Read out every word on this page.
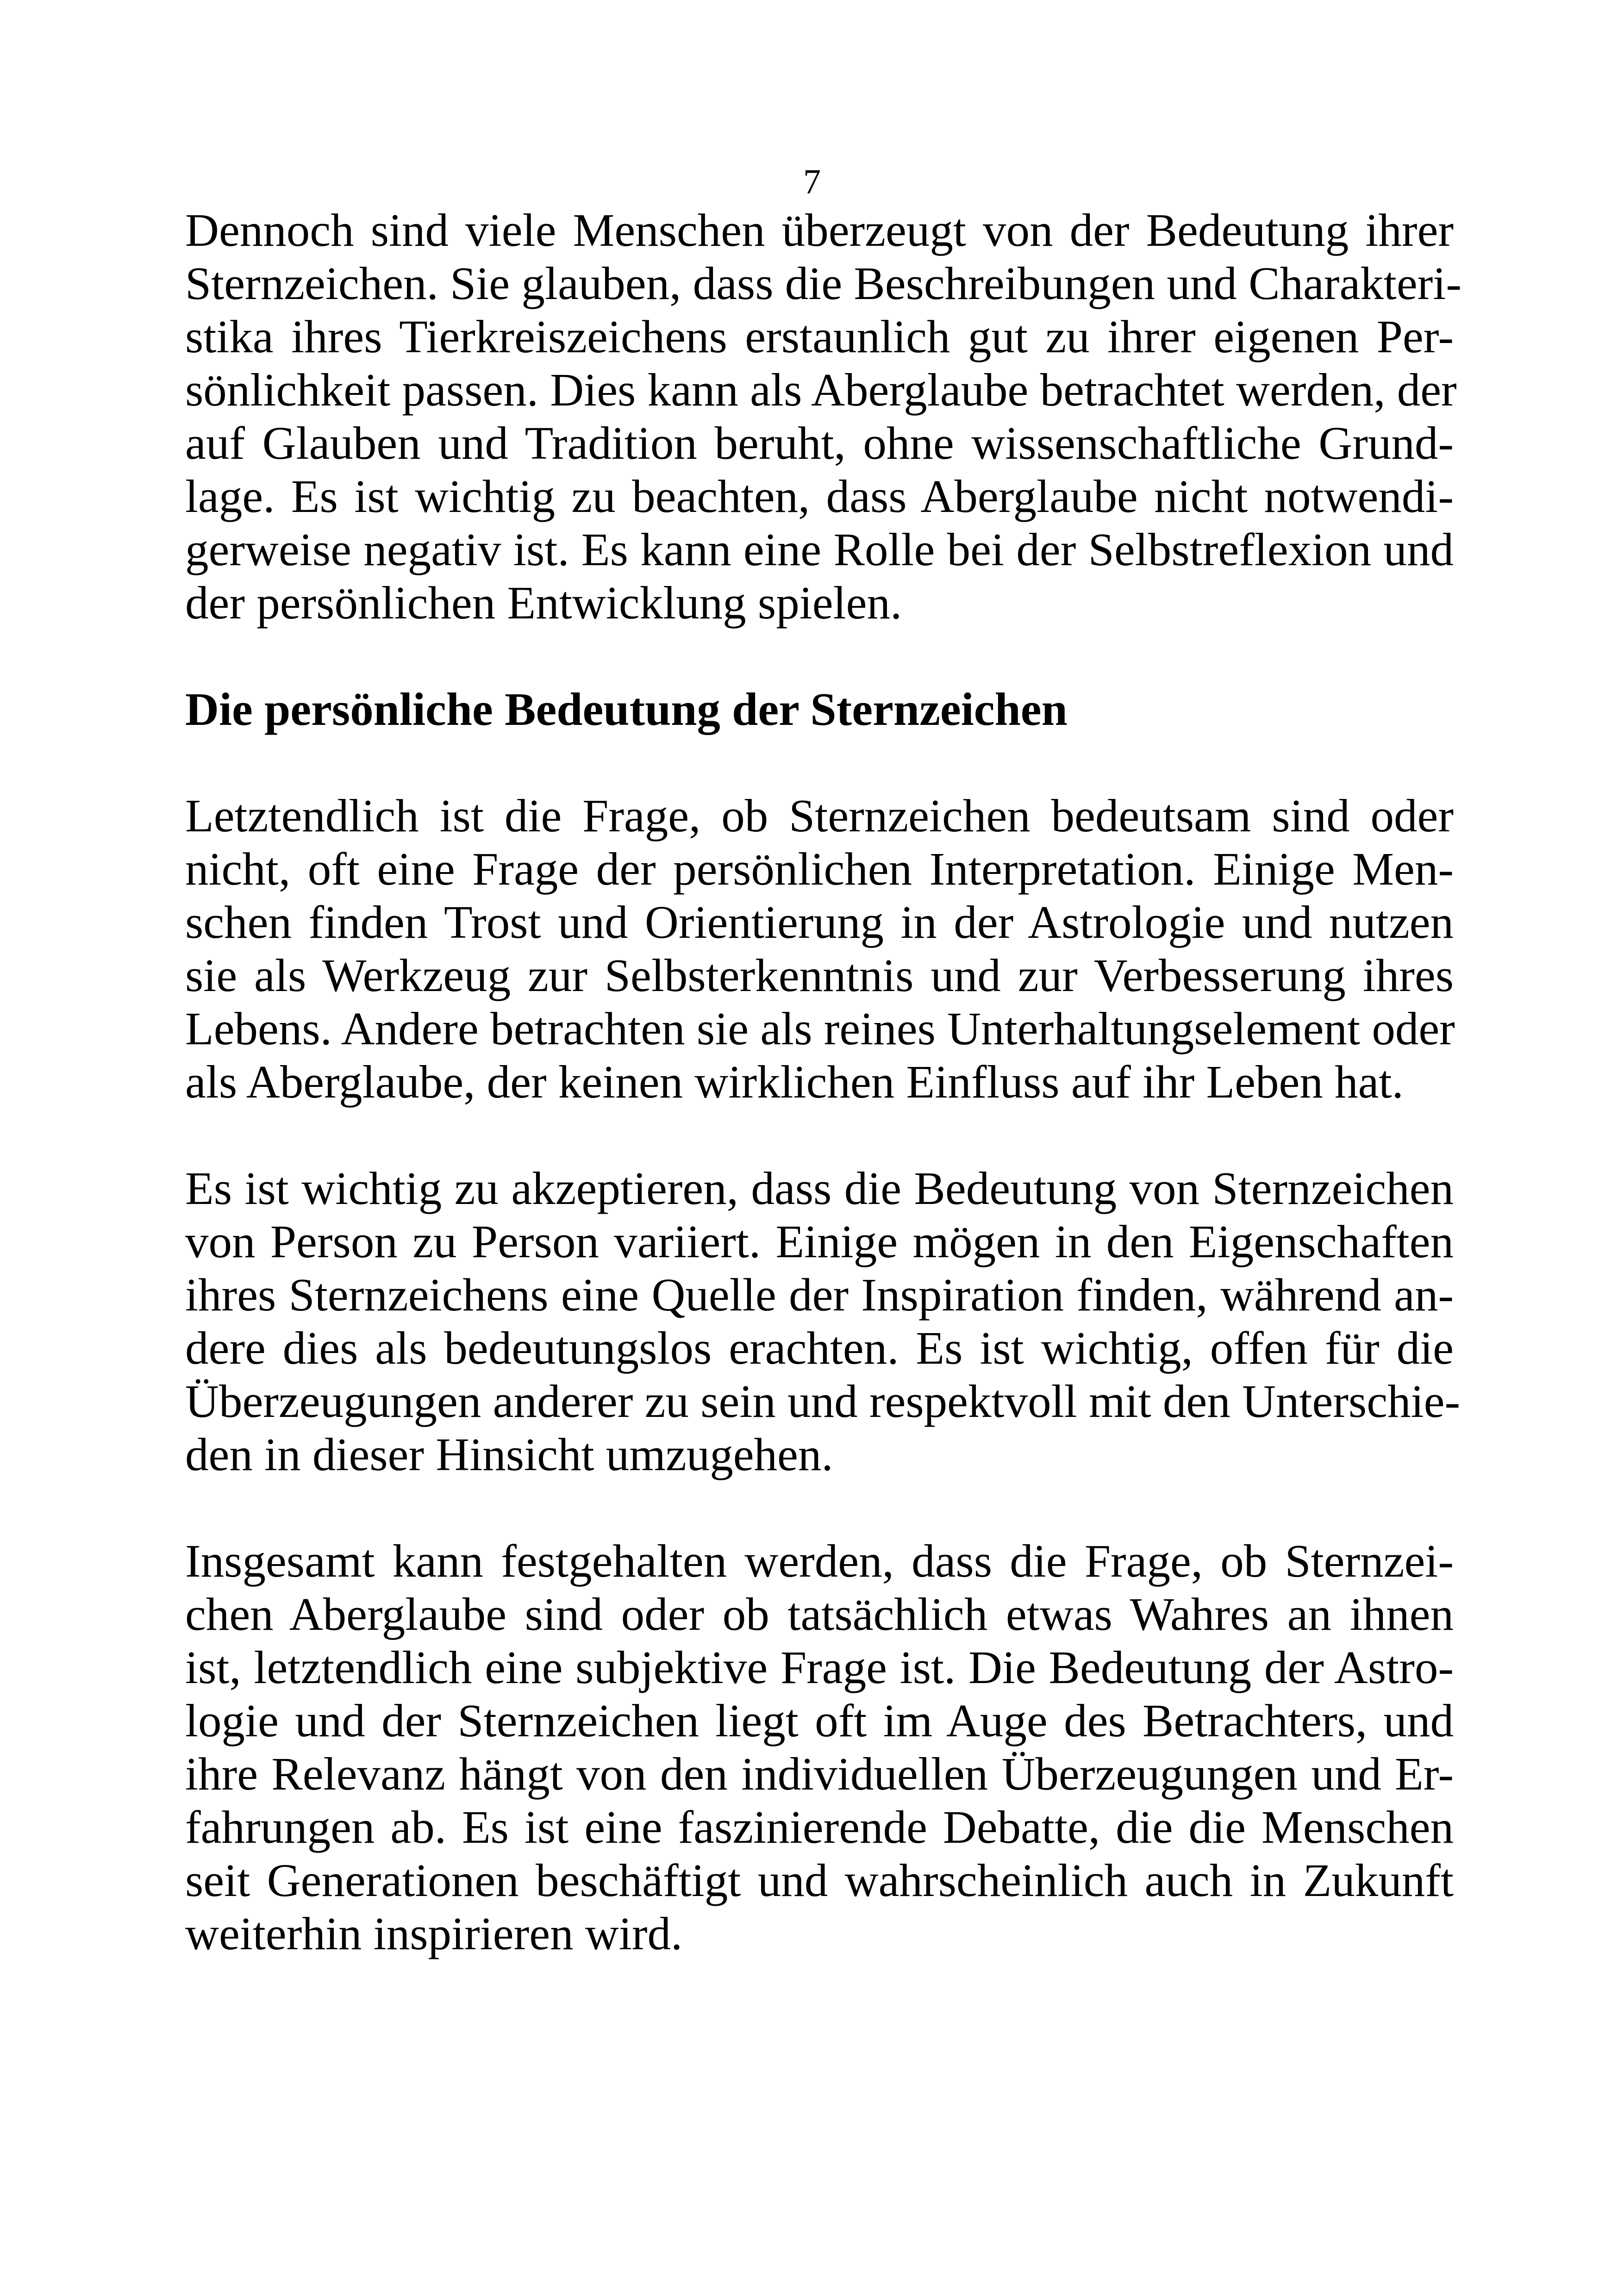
7
Dennoch sind viele Menschen überzeugt von der Bedeutung ihrer
Sternzeichen. Sie glauben, dass die Beschreibungen und Charakteri-
stika ihres Tierkreiszeichens erstaunlich gut zu ihrer eigenen Per-
sönlichkeit passen. Dies kann als Aberglaube betrachtet werden, der
auf Glauben und Tradition beruht, ohne wissenschaftliche Grund-
lage. Es ist wichtig zu beachten, dass Aberglaube nicht notwendi-
gerweise negativ ist. Es kann eine Rolle bei der Selbstreflexion und
der persönlichen Entwicklung spielen.
Die persönliche Bedeutung der Sternzeichen
Letztendlich ist die Frage, ob Sternzeichen bedeutsam sind oder
nicht, oft eine Frage der persönlichen Interpretation. Einige Men-
schen finden Trost und Orientierung in der Astrologie und nutzen
sie als Werkzeug zur Selbsterkenntnis und zur Verbesserung ihres
Lebens. Andere betrachten sie als reines Unterhaltungselement oder
als Aberglaube, der keinen wirklichen Einfluss auf ihr Leben hat.
Es ist wichtig zu akzeptieren, dass die Bedeutung von Sternzeichen
von Person zu Person variiert. Einige mögen in den Eigenschaften
ihres Sternzeichens eine Quelle der Inspiration finden, während an-
dere dies als bedeutungslos erachten. Es ist wichtig, offen für die
Überzeugungen anderer zu sein und respektvoll mit den Unterschie-
den in dieser Hinsicht umzugehen.
Insgesamt kann festgehalten werden, dass die Frage, ob Sternzei-
chen Aberglaube sind oder ob tatsächlich etwas Wahres an ihnen
ist, letztendlich eine subjektive Frage ist. Die Bedeutung der Astro-
logie und der Sternzeichen liegt oft im Auge des Betrachters, und
ihre Relevanz hängt von den individuellen Überzeugungen und Er-
fahrungen ab. Es ist eine faszinierende Debatte, die die Menschen
seit Generationen beschäftigt und wahrscheinlich auch in Zukunft
weiterhin inspirieren wird.
